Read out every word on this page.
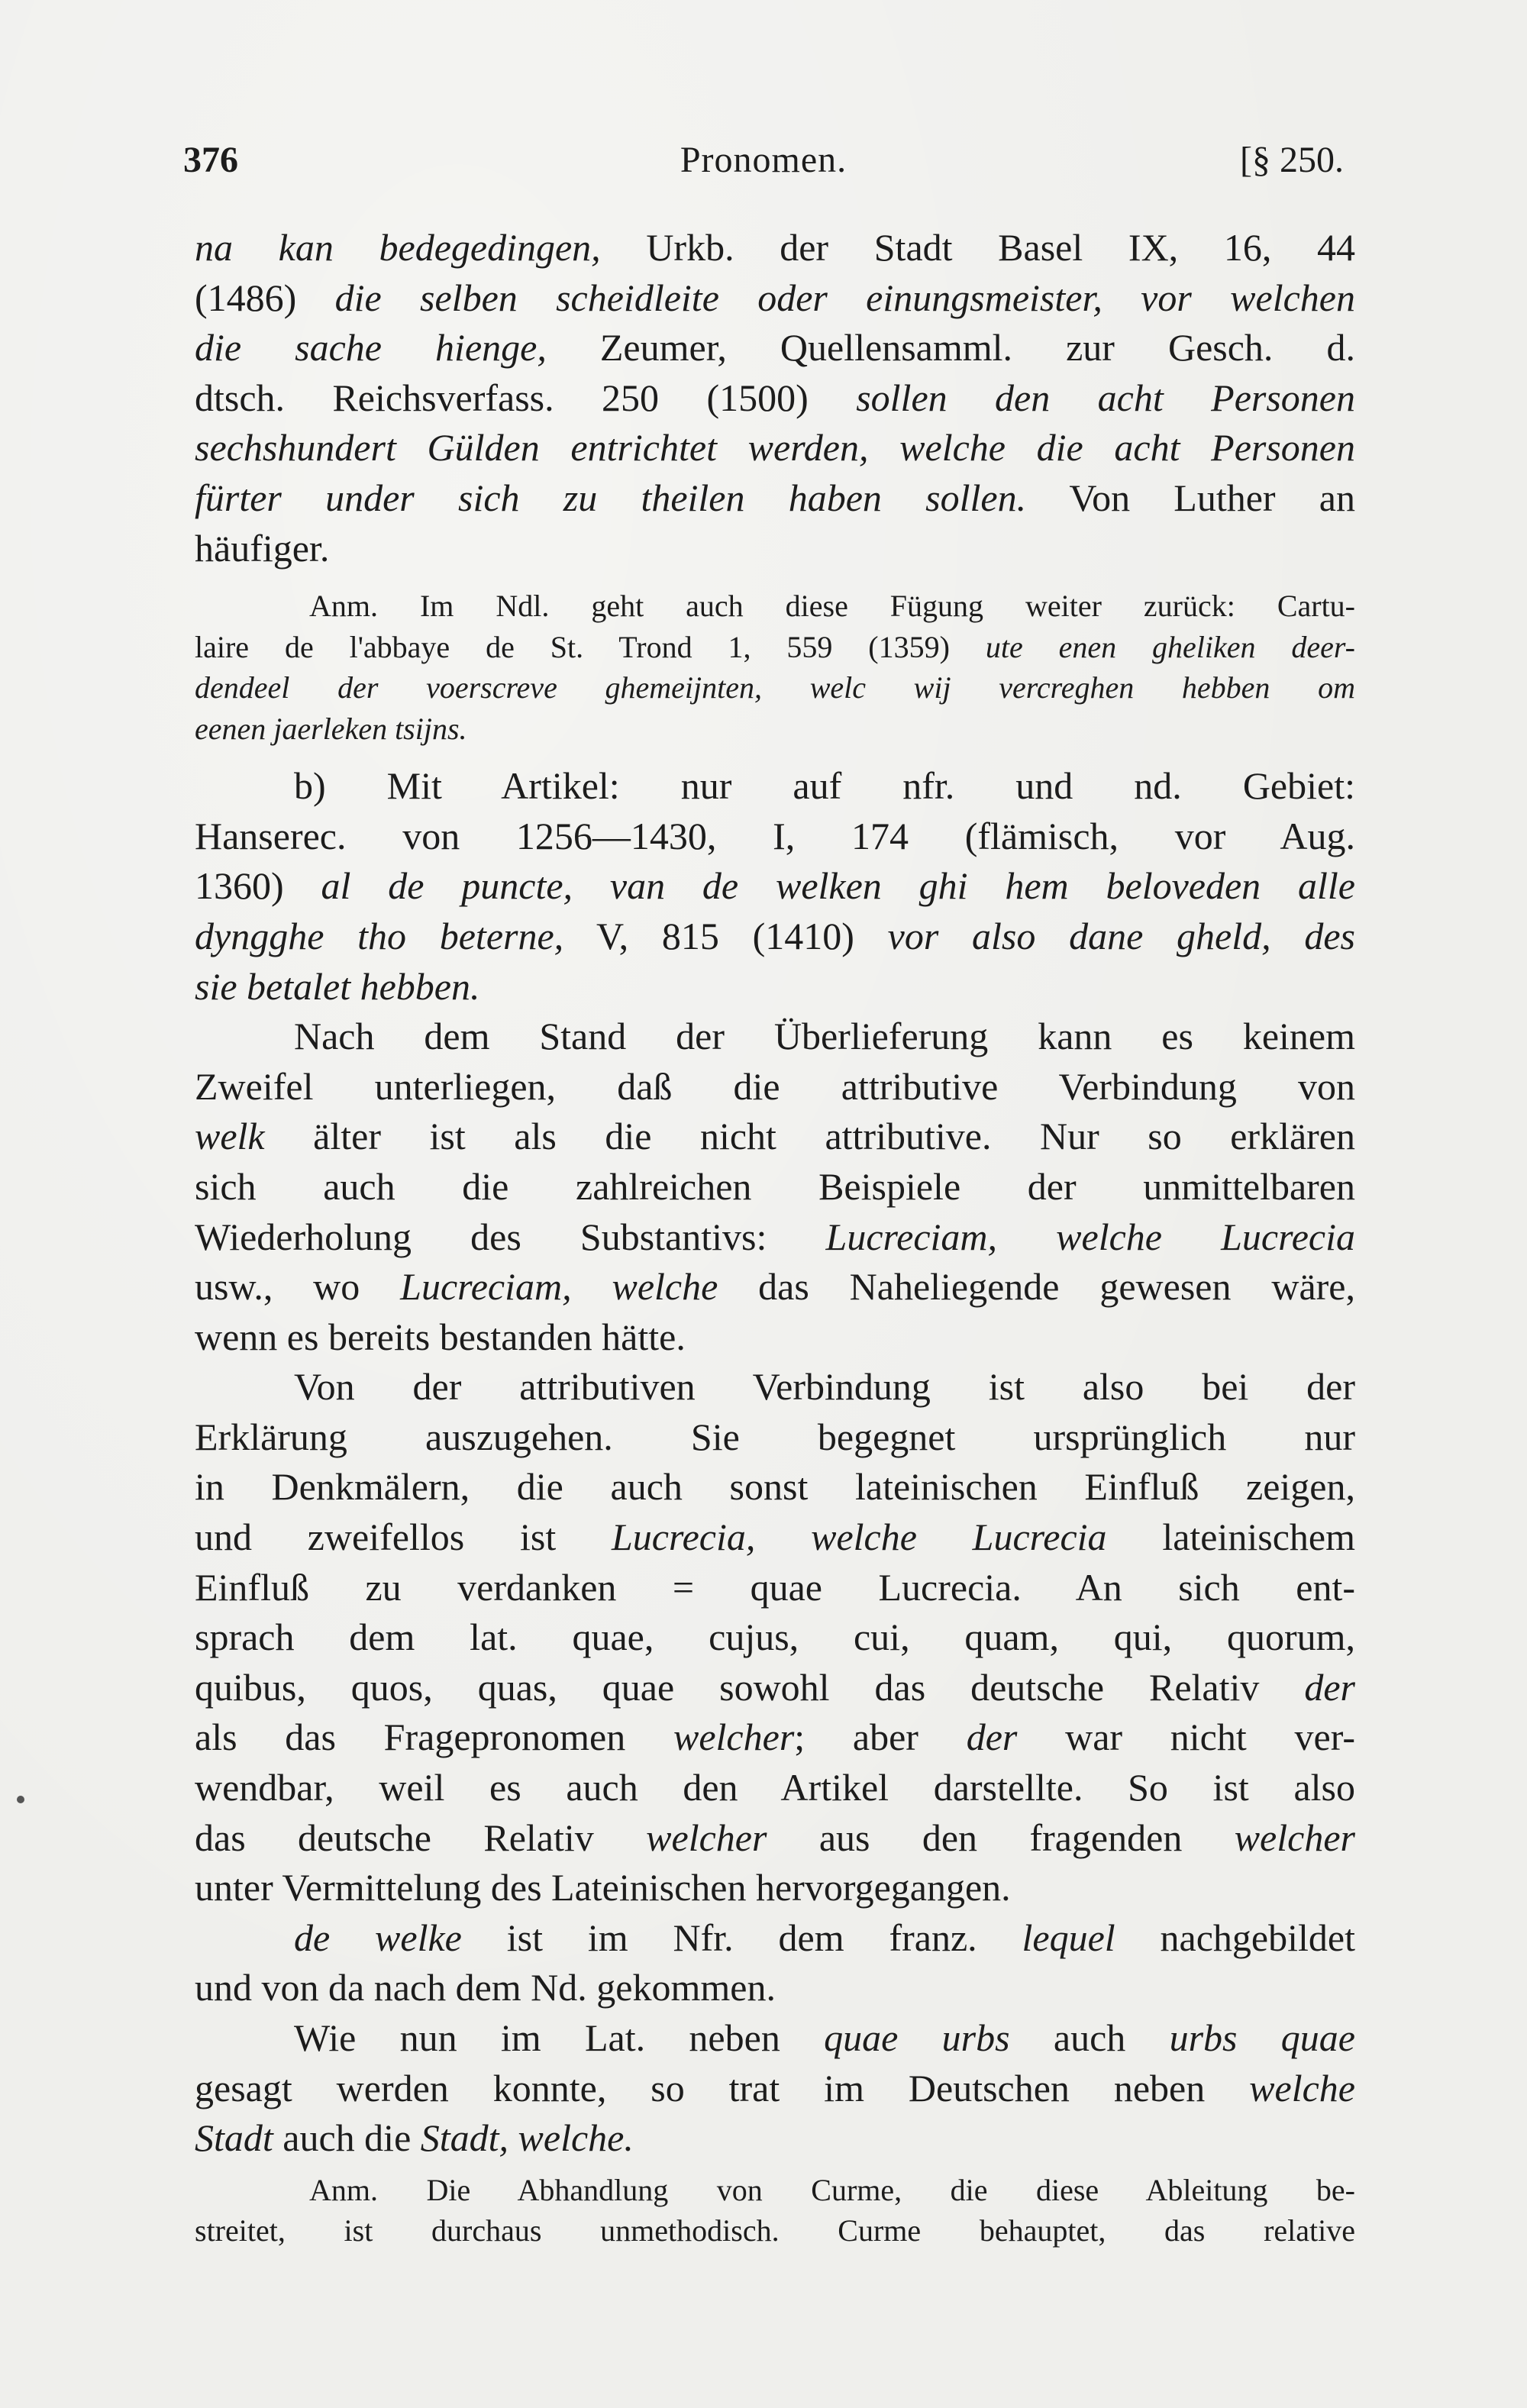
376	Pronomen.	[§ 250.
na kan bedegedingen, Urkb. der Stadt Basel IX, 16, 44
(1486) die selben scheidleite oder einungsmeister, vor welchen
die sache hienge, Zeumer, Quellensamml. zur Gesch. d.
dtsch. Reichsverfass. 250 (1500) sollen den acht Personen
sechshundert Gülden entrichtet werden, welche die acht Personen
fürter under sich zu theilen haben sollen. Von Luther an
häufiger.
Anm. Im Ndl. geht auch diese Fügung weiter zurück: Cartu-
laire de l'abbaye de St. Trond 1, 559 (1359) ute enen gheliken deer-
dendeel der voerscreve ghemeijnten, welc wij vercreghen hebben om
eenen jaerleken tsijns.
b) Mit Artikel: nur auf nfr. und nd. Gebiet:
Hanserec. von 1256—1430, I, 174 (flämisch, vor Aug.
1360) al de puncte, van de welken ghi hem beloveden alle
dyngghe tho beterne, V, 815 (1410) vor also dane gheld, des
sie betalet hebben.
Nach dem Stand der Überlieferung kann es keinem
Zweifel unterliegen, daß die attributive Verbindung von
welk älter ist als die nicht attributive. Nur so erklären
sich auch die zahlreichen Beispiele der unmittelbaren
Wiederholung des Substantivs: Lucreciam, welche Lucrecia
usw., wo Lucreciam, welche das Naheliegende gewesen wäre,
wenn es bereits bestanden hätte.
Von der attributiven Verbindung ist also bei der
Erklärung auszugehen. Sie begegnet ursprünglich nur
in Denkmälern, die auch sonst lateinischen Einfluß zeigen,
und zweifellos ist Lucrecia, welche Lucrecia lateinischem
Einfluß zu verdanken = quae Lucrecia. An sich ent-
sprach dem lat. quae, cujus, cui, quam, qui, quorum,
quibus, quos, quas, quae sowohl das deutsche Relativ der
als das Fragepronomen welcher; aber der war nicht ver-
wendbar, weil es auch den Artikel darstellte. So ist also
das deutsche Relativ welcher aus den fragenden welcher
unter Vermittelung des Lateinischen hervorgegangen.
de welke ist im Nfr. dem franz. lequel nachgebildet
und von da nach dem Nd. gekommen.
Wie nun im Lat. neben quae urbs auch urbs quae
gesagt werden konnte, so trat im Deutschen neben welche
Stadt auch die Stadt, welche.
Anm. Die Abhandlung von Curme, die diese Ableitung be-
streitet, ist durchaus unmethodisch. Curme behauptet, das relative
